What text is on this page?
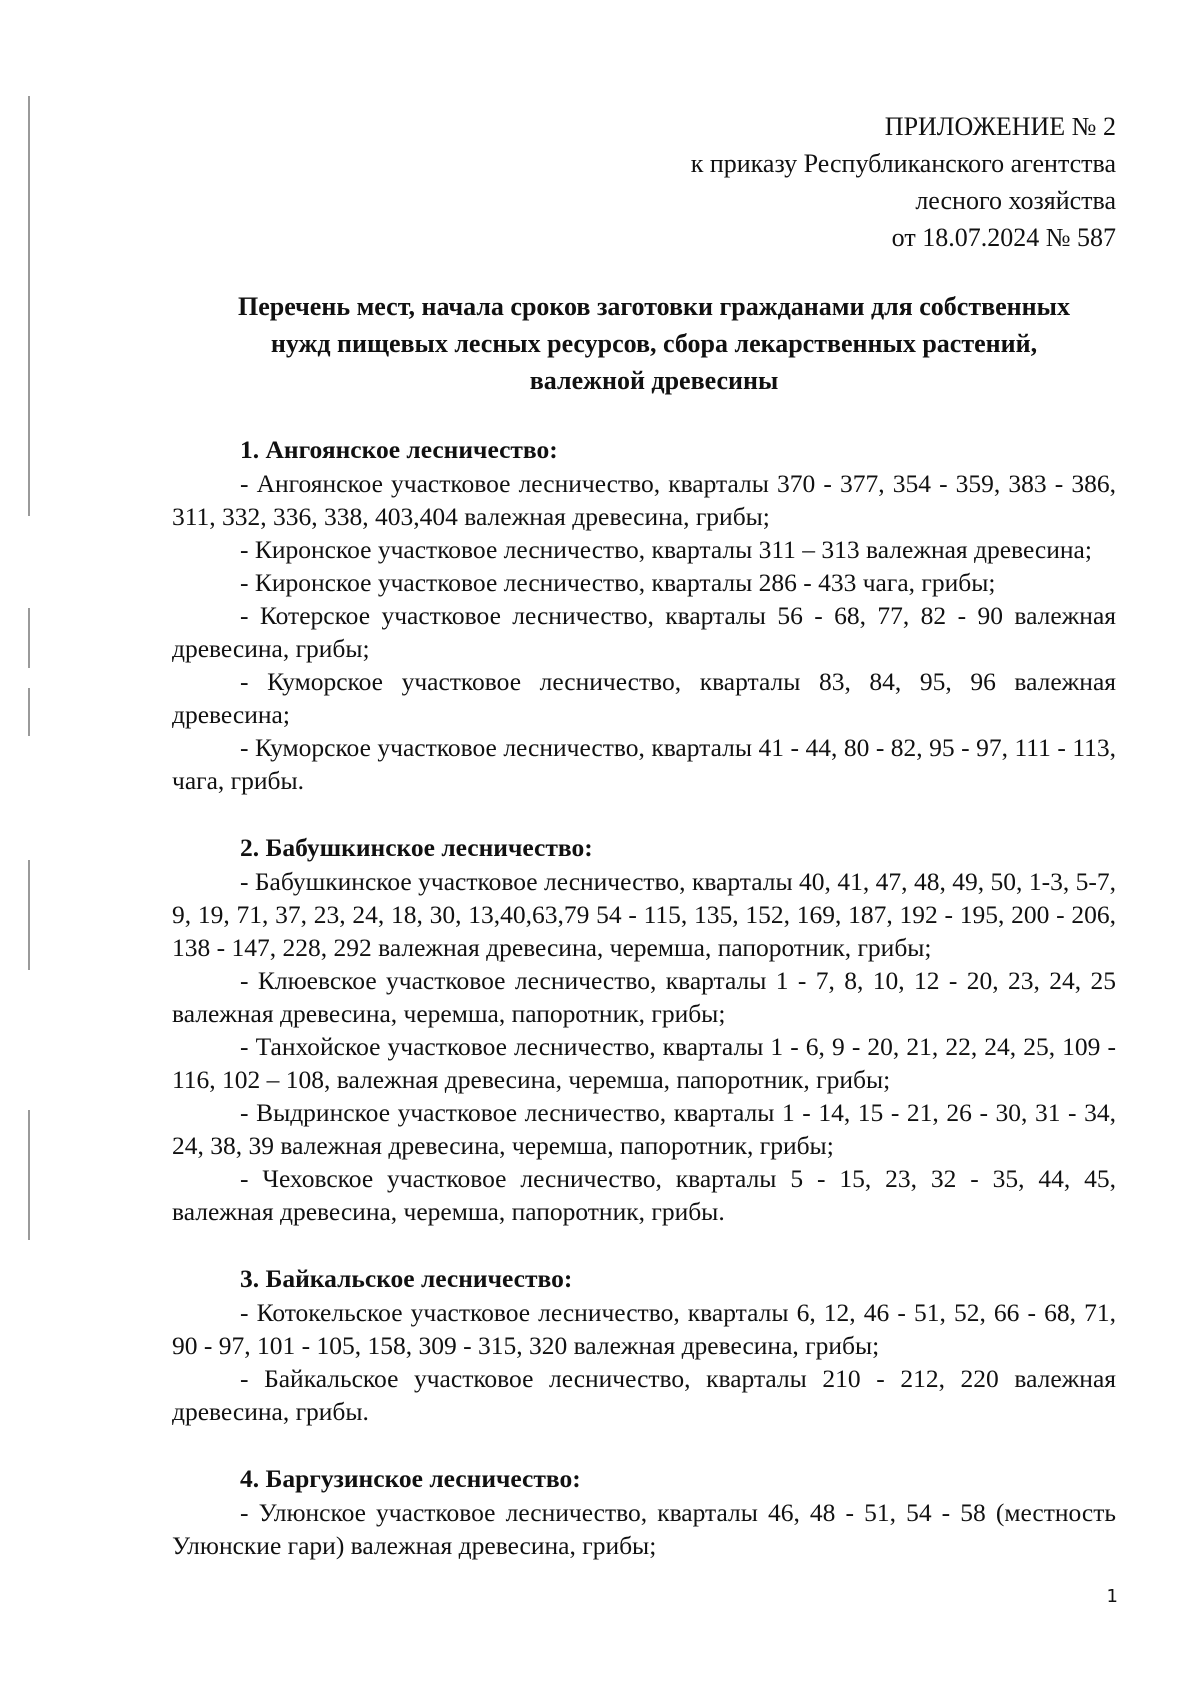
ПРИЛОЖЕНИЕ № 2
к приказу Республиканского агентства
лесного хозяйства
от 18.07.2024 № 587
Перечень мест, начала сроков заготовки гражданами для собственных нужд пищевых лесных ресурсов, сбора лекарственных растений, валежной древесины
1. Ангоянское лесничество:
- Ангоянское участковое лесничество, кварталы 370 - 377, 354 - 359, 383 - 386, 311, 332, 336, 338, 403,404 валежная древесина, грибы;
- Киронское участковое лесничество, кварталы 311 – 313 валежная древесина;
- Киронское участковое лесничество, кварталы 286 - 433 чага, грибы;
- Котерское участковое лесничество, кварталы 56 - 68, 77, 82 - 90 валежная древесина, грибы;
- Куморское участковое лесничество, кварталы 83, 84, 95, 96 валежная древесина;
- Куморское участковое лесничество, кварталы 41 - 44, 80 - 82, 95 - 97, 111 - 113, чага, грибы.
2. Бабушкинское лесничество:
- Бабушкинское участковое лесничество, кварталы 40, 41, 47, 48, 49, 50, 1-3, 5-7, 9, 19, 71, 37, 23, 24, 18, 30, 13,40,63,79 54 - 115, 135, 152, 169, 187, 192 - 195, 200 - 206, 138 - 147, 228, 292 валежная древесина, черемша, папоротник, грибы;
- Клюевское участковое лесничество, кварталы 1 - 7, 8, 10, 12 - 20, 23, 24, 25 валежная древесина, черемша, папоротник, грибы;
- Танхойское участковое лесничество, кварталы 1 - 6, 9 - 20, 21, 22, 24, 25, 109 - 116, 102 – 108, валежная древесина, черемша, папоротник, грибы;
- Выдринское участковое лесничество, кварталы 1 - 14, 15 - 21, 26 - 30, 31 - 34, 24, 38, 39 валежная древесина, черемша, папоротник, грибы;
- Чеховское участковое лесничество, кварталы 5 - 15, 23, 32 - 35, 44, 45, валежная древесина, черемша, папоротник, грибы.
3. Байкальское лесничество:
- Котокельское участковое лесничество, кварталы 6, 12, 46 - 51, 52, 66 - 68, 71, 90 - 97, 101 - 105, 158, 309 - 315, 320 валежная древесина, грибы;
- Байкальское участковое лесничество, кварталы 210 - 212, 220 валежная древесина, грибы.
4. Баргузинское лесничество:
- Улюнское участковое лесничество, кварталы 46, 48 - 51, 54 - 58 (местность Улюнские гари) валежная древесина, грибы;
1
